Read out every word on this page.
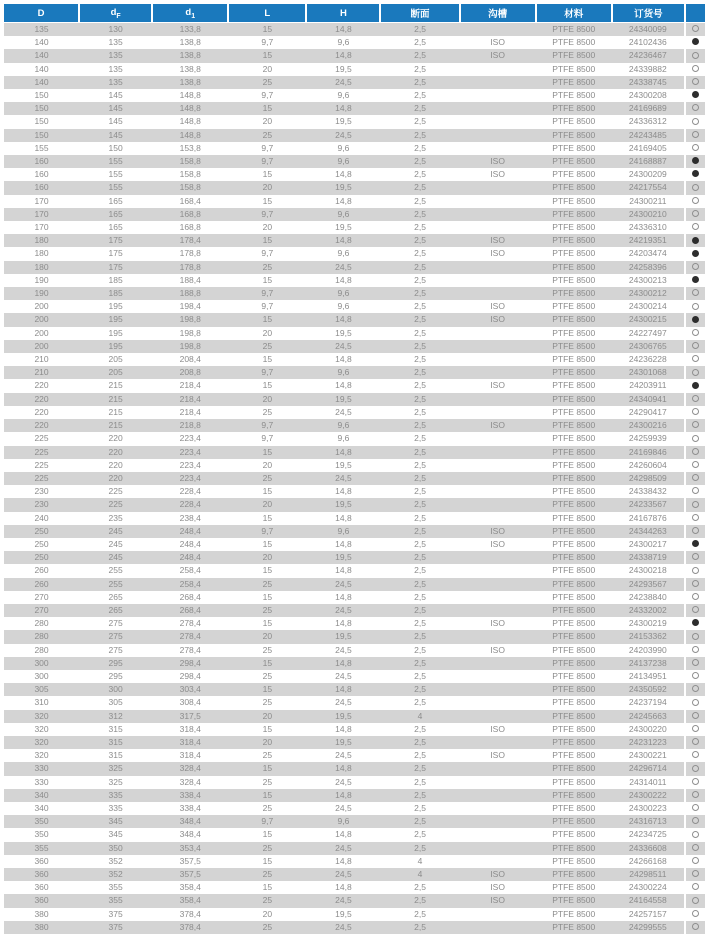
D	$d_F$	$d_1$	L	H	断面	沟槽	材料	订货号	
135	130	133,8	15	14,8	2,5		PTFE 8500	24340099	
140	135	138,8	9,7	9,6	2,5	ISO	PTFE 8500	24102436	
140	135	138,8	15	14,8	2,5	ISO	PTFE 8500	24236467	
140	135	138,8	20	19,5	2,5		PTFE 8500	24339882	
140	135	138,8	25	24,5	2,5		PTFE 8500	24338745	
150	145	148,8	9,7	9,6	2,5		PTFE 8500	24300208	
150	145	148,8	15	14,8	2,5		PTFE 8500	24169689	
150	145	148,8	20	19,5	2,5		PTFE 8500	24336312	
150	145	148,8	25	24,5	2,5		PTFE 8500	24243485	
155	150	153,8	9,7	9,6	2,5		PTFE 8500	24169405	
160	155	158,8	9,7	9,6	2,5	ISO	PTFE 8500	24168887	
160	155	158,8	15	14,8	2,5	ISO	PTFE 8500	24300209	
160	155	158,8	20	19,5	2,5		PTFE 8500	24217554	
170	165	168,4	15	14,8	2,5		PTFE 8500	24300211	
170	165	168,8	9,7	9,6	2,5		PTFE 8500	24300210	
170	165	168,8	20	19,5	2,5		PTFE 8500	24336310	
180	175	178,4	15	14,8	2,5	ISO	PTFE 8500	24219351	
180	175	178,8	9,7	9,6	2,5	ISO	PTFE 8500	24203474	
180	175	178,8	25	24,5	2,5		PTFE 8500	24258396	
190	185	188,4	15	14,8	2,5		PTFE 8500	24300213	
190	185	188,8	9,7	9,6	2,5		PTFE 8500	24300212	
200	195	198,4	9,7	9,6	2,5	ISO	PTFE 8500	24300214	
200	195	198,8	15	14,8	2,5	ISO	PTFE 8500	24300215	
200	195	198,8	20	19,5	2,5		PTFE 8500	24227497	
200	195	198,8	25	24,5	2,5		PTFE 8500	24306765	
210	205	208,4	15	14,8	2,5		PTFE 8500	24236228	
210	205	208,8	9,7	9,6	2,5		PTFE 8500	24301068	
220	215	218,4	15	14,8	2,5	ISO	PTFE 8500	24203911	
220	215	218,4	20	19,5	2,5		PTFE 8500	24340941	
220	215	218,4	25	24,5	2,5		PTFE 8500	24290417	
220	215	218,8	9,7	9,6	2,5	ISO	PTFE 8500	24300216	
225	220	223,4	9,7	9,6	2,5		PTFE 8500	24259939	
225	220	223,4	15	14,8	2,5		PTFE 8500	24169846	
225	220	223,4	20	19,5	2,5		PTFE 8500	24260604	
225	220	223,4	25	24,5	2,5		PTFE 8500	24298509	
230	225	228,4	15	14,8	2,5		PTFE 8500	24338432	
230	225	228,4	20	19,5	2,5		PTFE 8500	24233567	
240	235	238,4	15	14,8	2,5		PTFE 8500	24167876	
250	245	248,4	9,7	9,6	2,5	ISO	PTFE 8500	24344263	
250	245	248,4	15	14,8	2,5	ISO	PTFE 8500	24300217	
250	245	248,4	20	19,5	2,5		PTFE 8500	24338719	
260	255	258,4	15	14,8	2,5		PTFE 8500	24300218	
260	255	258,4	25	24,5	2,5		PTFE 8500	24293567	
270	265	268,4	15	14,8	2,5		PTFE 8500	24238840	
270	265	268,4	25	24,5	2,5		PTFE 8500	24332002	
280	275	278,4	15	14,8	2,5	ISO	PTFE 8500	24300219	
280	275	278,4	20	19,5	2,5		PTFE 8500	24153362	
280	275	278,4	25	24,5	2,5	ISO	PTFE 8500	24203990	
300	295	298,4	15	14,8	2,5		PTFE 8500	24137238	
300	295	298,4	25	24,5	2,5		PTFE 8500	24134951	
305	300	303,4	15	14,8	2,5		PTFE 8500	24350592	
310	305	308,4	25	24,5	2,5		PTFE 8500	24237194	
320	312	317,5	20	19,5	4		PTFE 8500	24245663	
320	315	318,4	15	14,8	2,5	ISO	PTFE 8500	24300220	
320	315	318,4	20	19,5	2,5		PTFE 8500	24231223	
320	315	318,4	25	24,5	2,5	ISO	PTFE 8500	24300221	
330	325	328,4	15	14,8	2,5		PTFE 8500	24296714	
330	325	328,4	25	24,5	2,5		PTFE 8500	24314011	
340	335	338,4	15	14,8	2,5		PTFE 8500	24300222	
340	335	338,4	25	24,5	2,5		PTFE 8500	24300223	
350	345	348,4	9,7	9,6	2,5		PTFE 8500	24316713	
350	345	348,4	15	14,8	2,5		PTFE 8500	24234725	
355	350	353,4	25	24,5	2,5		PTFE 8500	24336608	
360	352	357,5	15	14,8	4		PTFE 8500	24266168	
360	352	357,5	25	24,5	4	ISO	PTFE 8500	24298511	
360	355	358,4	15	14,8	2,5	ISO	PTFE 8500	24300224	
360	355	358,4	25	24,5	2,5	ISO	PTFE 8500	24164558	
380	375	378,4	20	19,5	2,5		PTFE 8500	24257157	
380	375	378,4	25	24,5	2,5		PTFE 8500	24299555	
